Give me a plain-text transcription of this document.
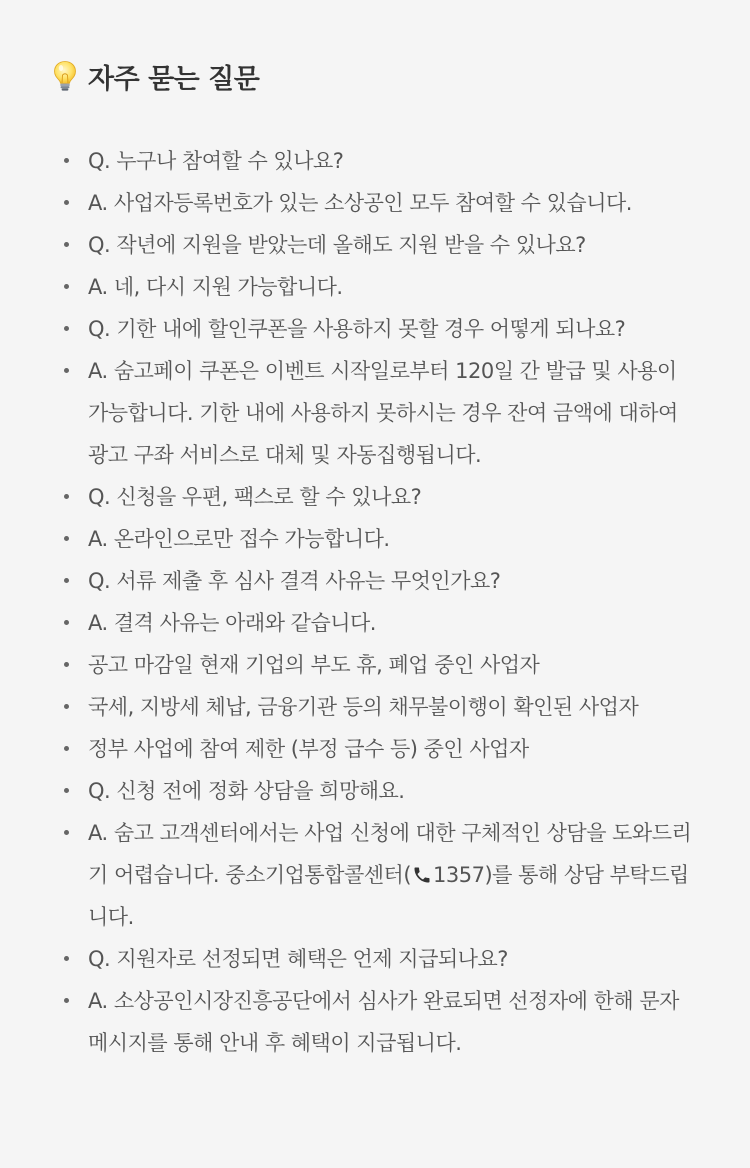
자주 묻는 질문
Q. 누구나 참여할 수 있나요?
A. 사업자등록번호가 있는 소상공인 모두 참여할 수 있습니다.
Q. 작년에 지원을 받았는데 올해도 지원 받을 수 있나요?
A. 네, 다시 지원 가능합니다.
Q. 기한 내에 할인쿠폰을 사용하지 못할 경우 어떻게 되나요?
A. 숨고페이 쿠폰은 이벤트 시작일로부터 120일 간 발급 및 사용이 가능합니다. 기한 내에 사용하지 못하시는 경우 잔여 금액에 대하여 광고 구좌 서비스로 대체 및 자동집행됩니다.
Q. 신청을 우편, 팩스로 할 수 있나요?
A. 온라인으로만 접수 가능합니다.
Q. 서류 제출 후 심사 결격 사유는 무엇인가요?
A. 결격 사유는 아래와 같습니다.
공고 마감일 현재 기업의 부도 휴, 폐업 중인 사업자
국세, 지방세 체납, 금융기관 등의 채무불이행이 확인된 사업자
정부 사업에 참여 제한 (부정 급수 등) 중인 사업자
Q. 신청 전에 정화 상담을 희망해요.
A. 숨고 고객센터에서는 사업 신청에 대한 구체적인 상담을 도와드리기 어렵습니다. 중소기업통합콜센터( 1357)를 통해 상담 부탁드립니다.
Q. 지원자로 선정되면 혜택은 언제 지급되나요?
A. 소상공인시장진흥공단에서 심사가 완료되면 선정자에 한해 문자 메시지를 통해 안내 후 혜택이 지급됩니다.
